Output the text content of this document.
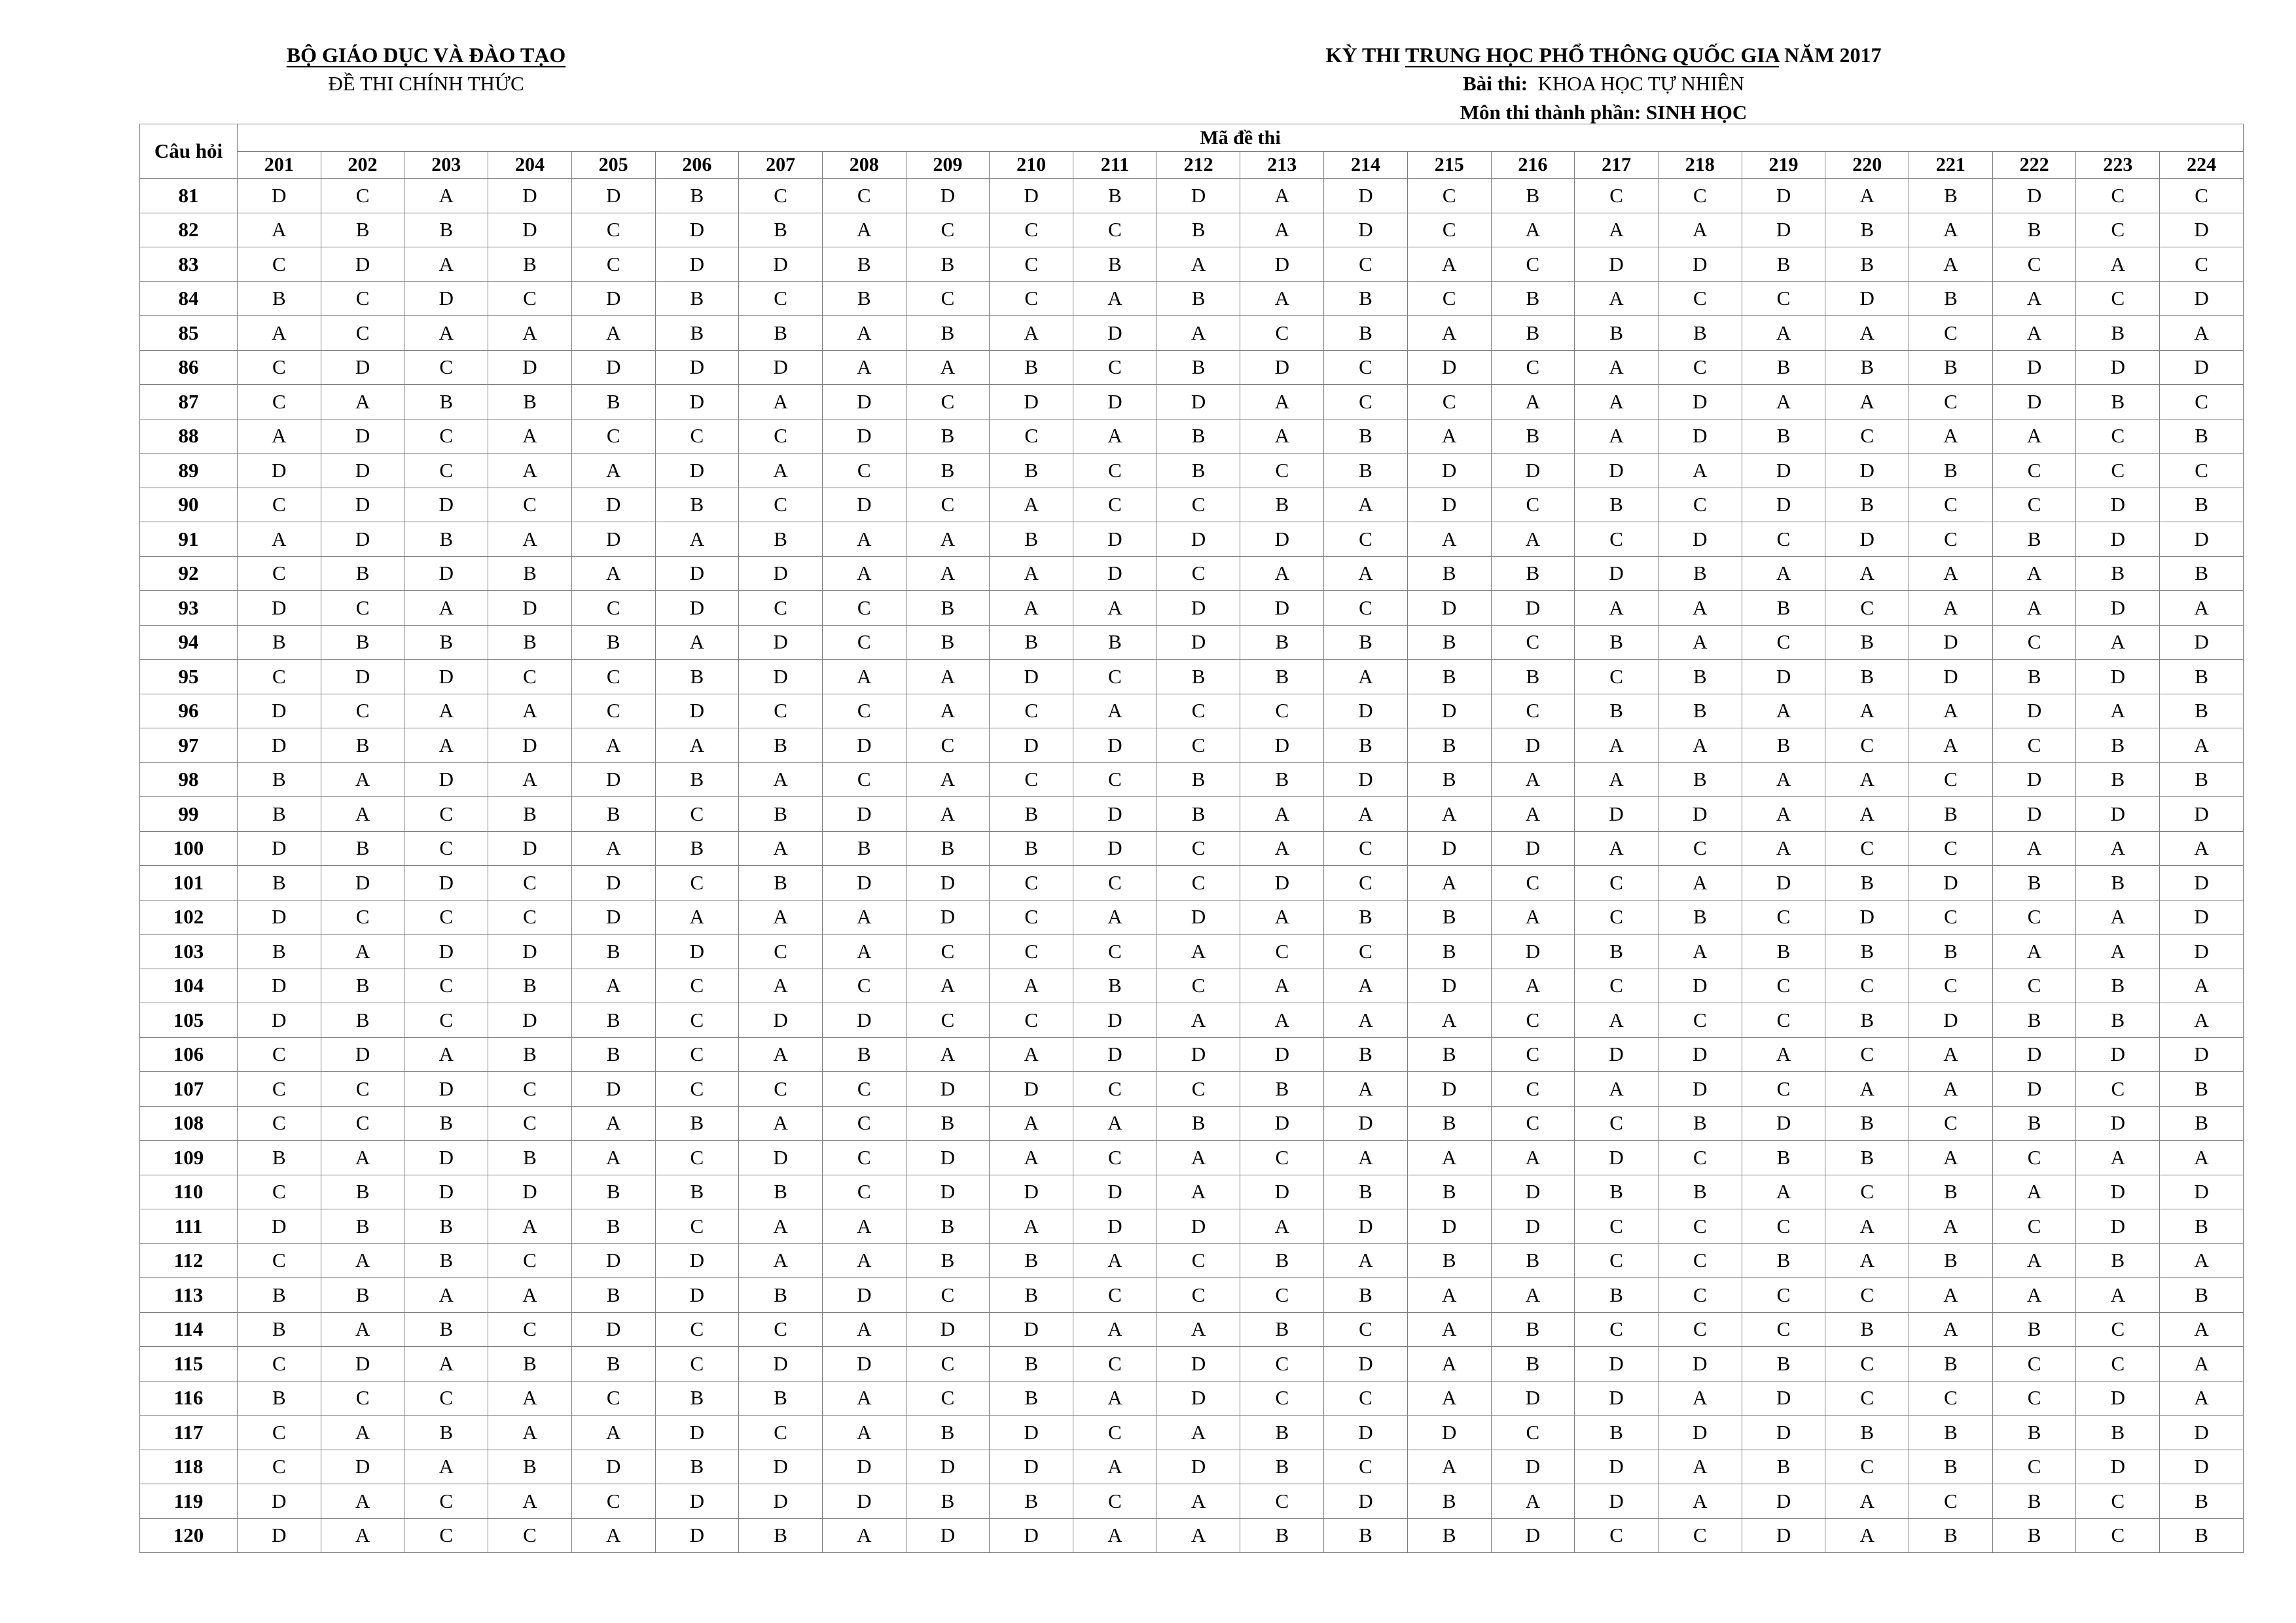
BỘ GIÁO DỤC VÀ ĐÀO TẠO
ĐỀ THI CHÍNH THỨC
KỲ THI TRUNG HỌC PHỔ THÔNG QUỐC GIA NĂM 2017
Bài thi: KHOA HỌC TỰ NHIÊN
Môn thi thành phần: SINH HỌC
Câu hỏi	Mã đề thi																							
	201	202	203	204	205	206	207	208	209	210	211	212	213	214	215	216	217	218	219	220	221	222	223	224
81	D	C	A	D	D	B	C	C	D	D	B	D	A	D	C	B	C	C	D	A	B	D	C	C
82	A	B	B	D	C	D	B	A	C	C	C	B	A	D	C	A	A	A	D	B	A	B	C	D
83	C	D	A	B	C	D	D	B	B	C	B	A	D	C	A	C	D	D	B	B	A	C	A	C
84	B	C	D	C	D	B	C	B	C	C	A	B	A	B	C	B	A	C	C	D	B	A	C	D
85	A	C	A	A	A	B	B	A	B	A	D	A	C	B	A	B	B	B	A	A	C	A	B	A
86	C	D	C	D	D	D	D	A	A	B	C	B	D	C	D	C	A	C	B	B	B	D	D	D
87	C	A	B	B	B	D	A	D	C	D	D	D	A	C	C	A	A	D	A	A	C	D	B	C
88	A	D	C	A	C	C	C	D	B	C	A	B	A	B	A	B	A	D	B	C	A	A	C	B
89	D	D	C	A	A	D	A	C	B	B	C	B	C	B	D	D	D	A	D	D	B	C	C	C
90	C	D	D	C	D	B	C	D	C	A	C	C	B	A	D	C	B	C	D	B	C	C	D	B
91	A	D	B	A	D	A	B	A	A	B	D	D	D	C	A	A	C	D	C	D	C	B	D	D
92	C	B	D	B	A	D	D	A	A	A	D	C	A	A	B	B	D	B	A	A	A	A	B	B
93	D	C	A	D	C	D	C	C	B	A	A	D	D	C	D	D	A	A	B	C	A	A	D	A
94	B	B	B	B	B	A	D	C	B	B	B	D	B	B	B	C	B	A	C	B	D	C	A	D
95	C	D	D	C	C	B	D	A	A	D	C	B	B	A	B	B	C	B	D	B	D	B	D	B
96	D	C	A	A	C	D	C	C	A	C	A	C	C	D	D	C	B	B	A	A	A	D	A	B
97	D	B	A	D	A	A	B	D	C	D	D	C	D	B	B	D	A	A	B	C	A	C	B	A
98	B	A	D	A	D	B	A	C	A	C	C	B	B	D	B	A	A	B	A	A	C	D	B	B
99	B	A	C	B	B	C	B	D	A	B	D	B	A	A	A	A	D	D	A	A	B	D	D	D
100	D	B	C	D	A	B	A	B	B	B	D	C	A	C	D	D	A	C	A	C	C	A	A	A
101	B	D	D	C	D	C	B	D	D	C	C	C	D	C	A	C	C	A	D	B	D	B	B	D
102	D	C	C	C	D	A	A	A	D	C	A	D	A	B	B	A	C	B	C	D	C	C	A	D
103	B	A	D	D	B	D	C	A	C	C	C	A	C	C	B	D	B	A	B	B	B	A	A	D
104	D	B	C	B	A	C	A	C	A	A	B	C	A	A	D	A	C	D	C	C	C	C	B	A
105	D	B	C	D	B	C	D	D	C	C	D	A	A	A	A	C	A	C	C	B	D	B	B	A
106	C	D	A	B	B	C	A	B	A	A	D	D	D	B	B	C	D	D	A	C	A	D	D	D
107	C	C	D	C	D	C	C	C	D	D	C	C	B	A	D	C	A	D	C	A	A	D	C	B
108	C	C	B	C	A	B	A	C	B	A	A	B	D	D	B	C	C	B	D	B	C	B	D	B
109	B	A	D	B	A	C	D	C	D	A	C	A	C	A	A	A	D	C	B	B	A	C	A	A
110	C	B	D	D	B	B	B	C	D	D	D	A	D	B	B	D	B	B	A	C	B	A	D	D
111	D	B	B	A	B	C	A	A	B	A	D	D	A	D	D	D	C	C	C	A	A	C	D	B
112	C	A	B	C	D	D	A	A	B	B	A	C	B	A	B	B	C	C	B	A	B	A	B	A
113	B	B	A	A	B	D	B	D	C	B	C	C	C	B	A	A	B	C	C	C	A	A	A	B
114	B	A	B	C	D	C	C	A	D	D	A	A	B	C	A	B	C	C	C	B	A	B	C	A
115	C	D	A	B	B	C	D	D	C	B	C	D	C	D	A	B	D	D	B	C	B	C	C	A
116	B	C	C	A	C	B	B	A	C	B	A	D	C	C	A	D	D	A	D	C	C	C	D	A
117	C	A	B	A	A	D	C	A	B	D	C	A	B	D	D	C	B	D	D	B	B	B	B	D
118	C	D	A	B	D	B	D	D	D	D	A	D	B	C	A	D	D	A	B	C	B	C	D	D
119	D	A	C	A	C	D	D	D	B	B	C	A	C	D	B	A	D	A	D	A	C	B	C	B
120	D	A	C	C	A	D	B	A	D	D	A	A	B	B	B	D	C	C	D	A	B	B	C	B
